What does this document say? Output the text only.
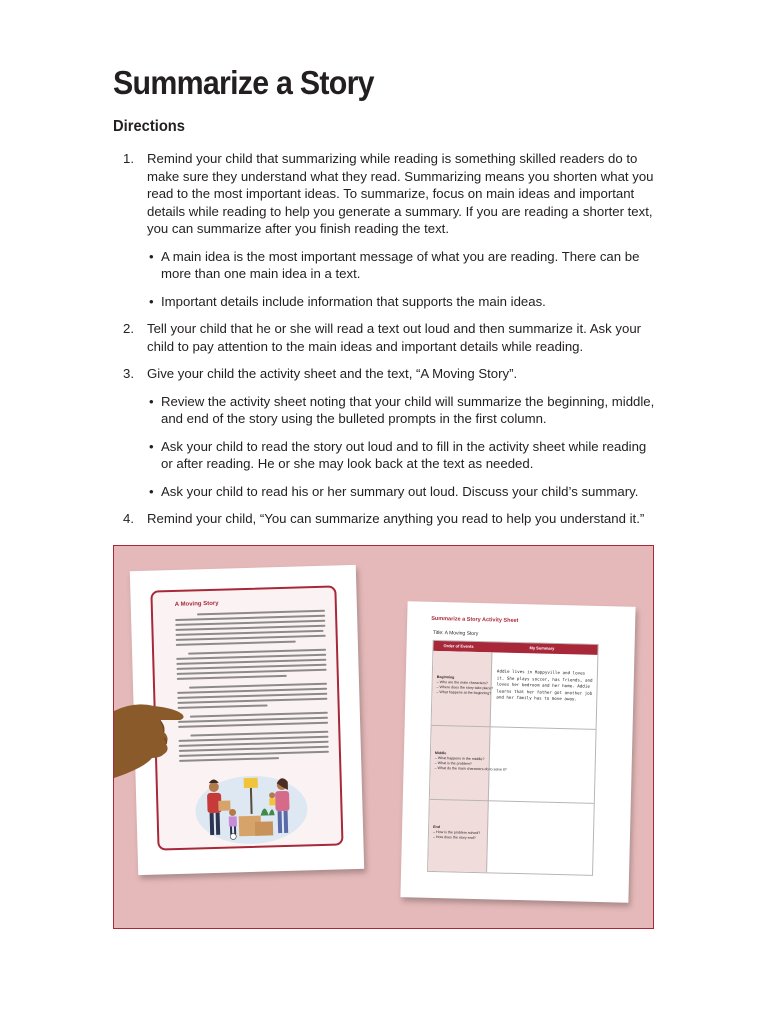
Summarize a Story
Directions
1. Remind your child that summarizing while reading is something skilled readers do to make sure they understand what they read. Summarizing means you shorten what you read to the most important ideas. To summarize, focus on main ideas and important details while reading to help you generate a summary. If you are reading a shorter text, you can summarize after you finish reading the text.
• A main idea is the most important message of what you are reading. There can be more than one main idea in a text.
• Important details include information that supports the main ideas.
2. Tell your child that he or she will read a text out loud and then summarize it. Ask your child to pay attention to the main ideas and important details while reading.
3. Give your child the activity sheet and the text, “A Moving Story”.
• Review the activity sheet noting that your child will summarize the beginning, middle, and end of the story using the bulleted prompts in the first column.
• Ask your child to read the story out loud and to fill in the activity sheet while reading or after reading. He or she may look back at the text as needed.
• Ask your child to read his or her summary out loud. Discuss your child’s summary.
4. Remind your child, “You can summarize anything you read to help you understand it.”
A Moving Story
Summarize a Story Activity Sheet
Title: A Moving Story
Order of Events	My Summary
Beginning
– Who are the main characters?
– Where does the story take place?
– What happens at the beginning?
Middle
– What happens in the middle?
– What is the problem?
– What do the main characters do to solve it?
End
– How is the problem solved?
– How does the story end?
Addie lives in Happyville and loves it. She plays soccer, has friends, and loves her bedroom and her home. Addie learns that her father got another job and her family has to move away.
